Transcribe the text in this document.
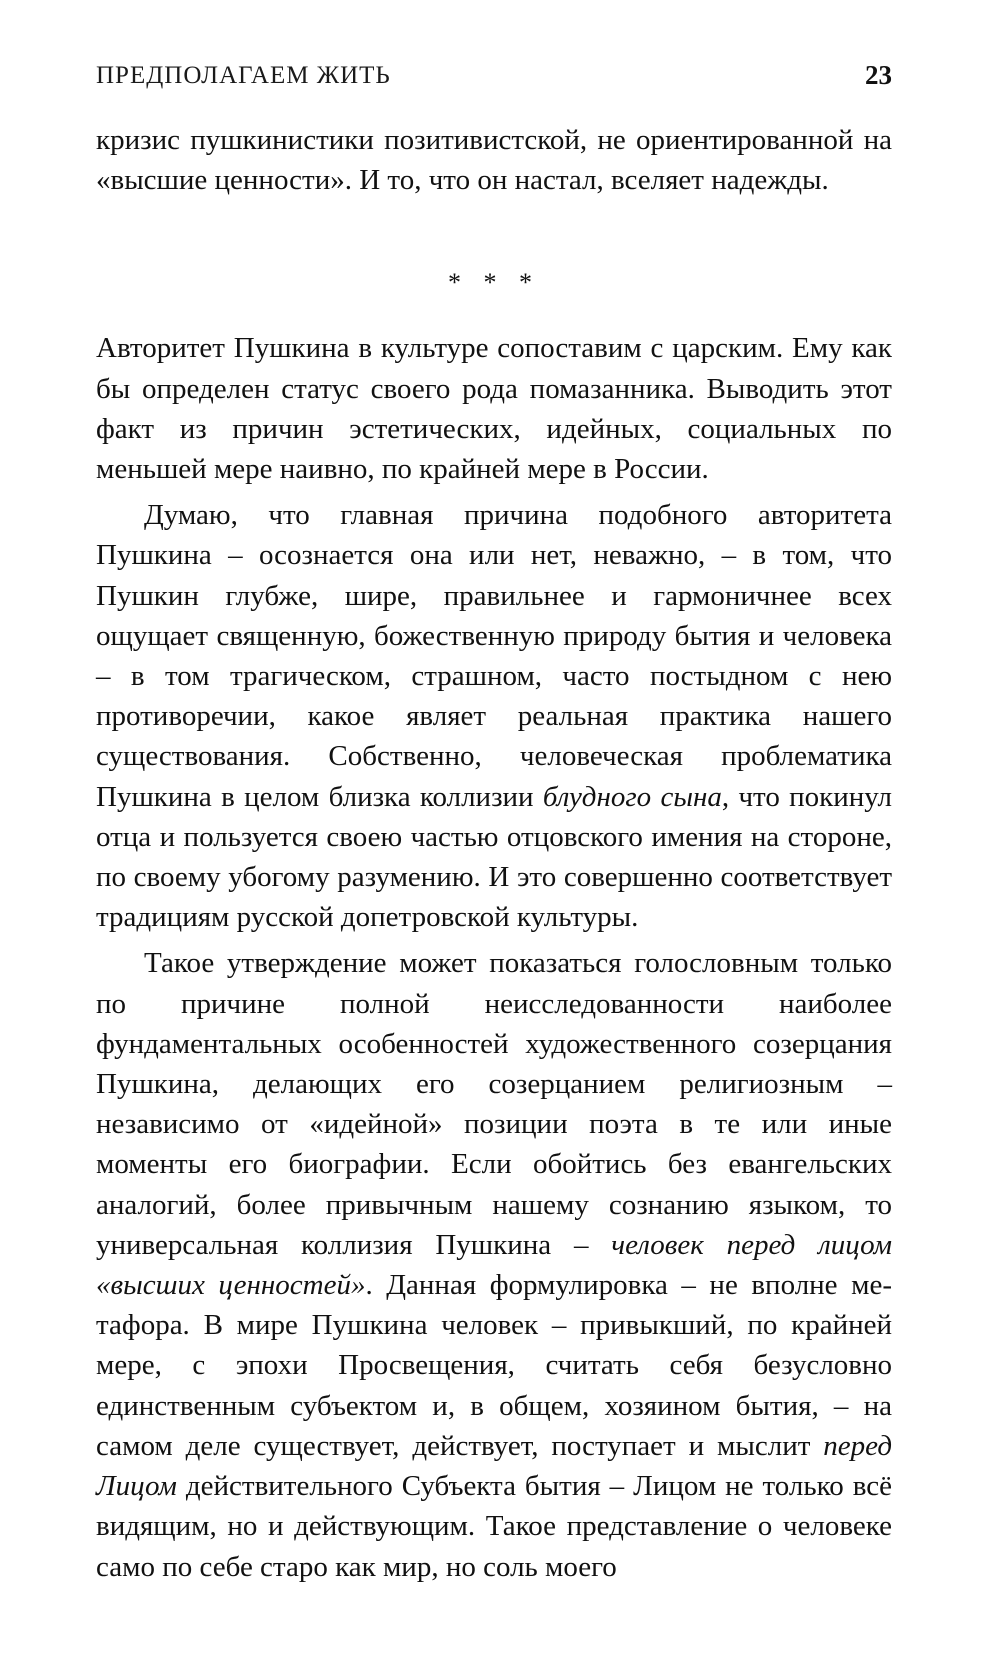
ПРЕДПОЛАГАЕМ ЖИТЬ	23

кризис пушкинистики позитивистской, не ориентированной на «высшие ценности». И то, что он настал, вселяет надежды.

* * *

Авторитет Пушкина в культуре сопоставим с царским. Ему как бы определен статус своего рода помазанника. Выводить этот факт из причин эстетических, идейных, социальных по меньшей мере наивно, по крайней мере в России.

Думаю, что главная причина подобного авторитета Пушкина – осознается она или нет, неважно, – в том, что Пушкин глубже, шире, правильнее и гармоничнее всех ощущает священную, божественную природу бытия и человека – в том трагическом, страшном, часто постыдном с нею противоречии, какое являет реальная практика нашего существования. Собственно, человеческая проблематика Пушкина в целом близка коллизии блудного сына, что покинул отца и пользуется своею частью отцовского имения на стороне, по своему убогому разумению. И это совершенно соответствует традициям русской допетровской культуры.

Такое утверждение может показаться голословным только по причине полной неисследованности наиболее фундаментальных особенностей художественного созерцания Пушкина, делающих его созерцанием религиозным – независимо от «идейной» позиции поэта в те или иные моменты его биографии. Если обойтись без евангельских аналогий, более привычным нашему сознанию языком, то универсальная коллизия Пушкина – человек перед лицом «высших ценностей». Данная формулировка – не вполне метафора. В мире Пушкина человек – привыкший, по крайней мере, с эпохи Просвещения, считать себя безусловно единственным субъектом и, в общем, хозяином бытия, – на самом деле существует, действует, поступает и мыслит перед Лицом действительного Субъекта бытия – Лицом не только всё видящим, но и действующим. Такое представление о человеке само по себе старо как мир, но соль моего
